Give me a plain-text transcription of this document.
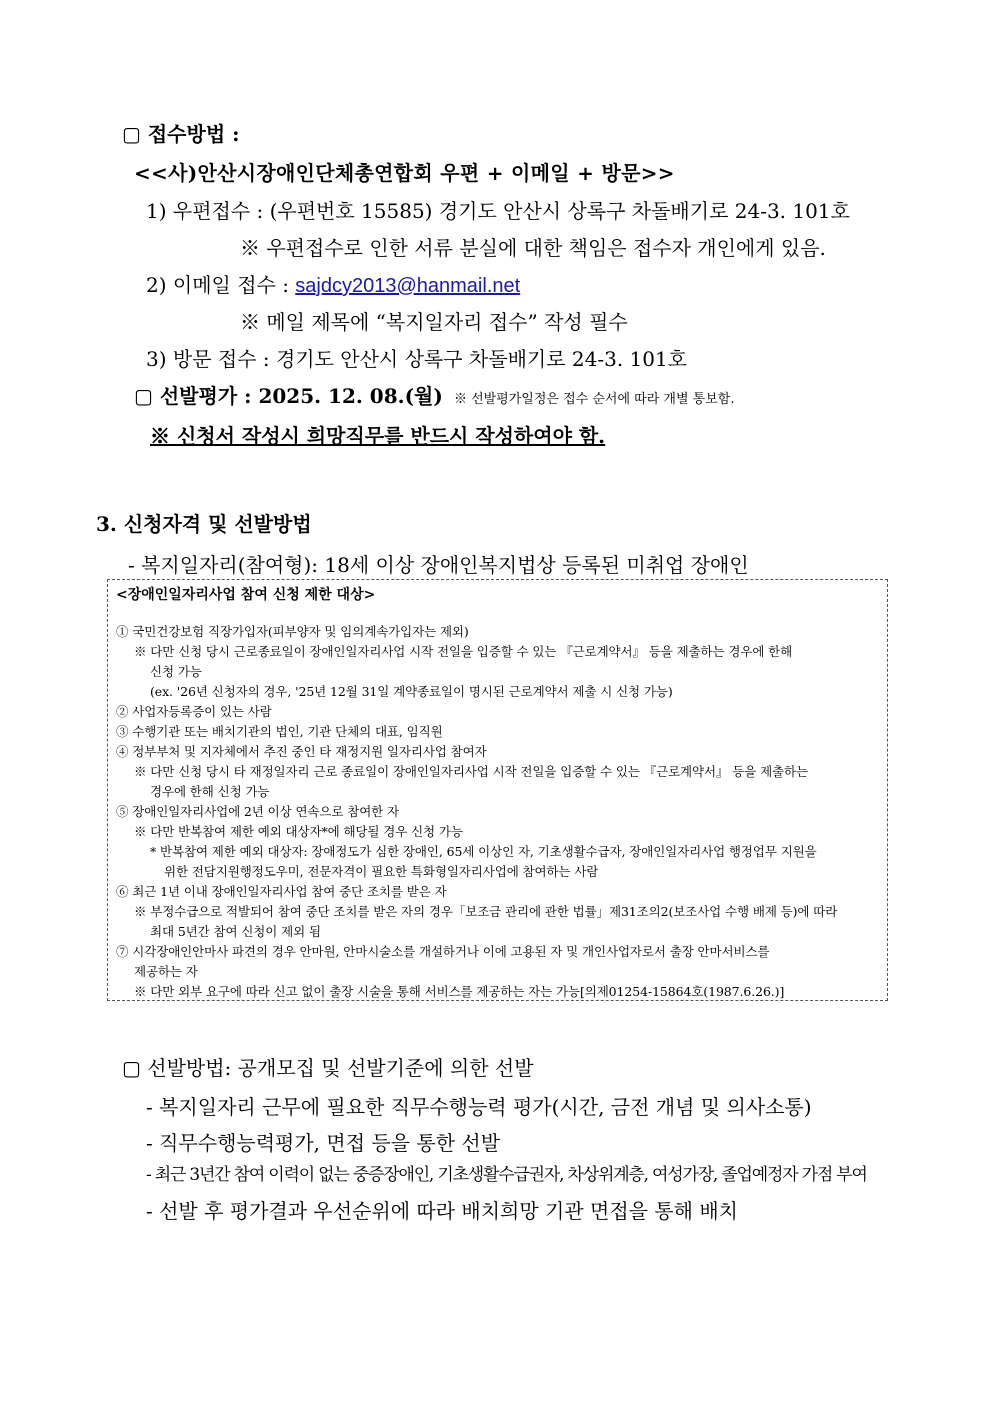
▢ 접수방법 :
<<사)안산시장애인단체총연합회 우편 + 이메일 + 방문>>
1) 우편접수 : (우편번호 15585) 경기도 안산시 상록구 차돌배기로 24-3. 101호
※ 우편접수로 인한 서류 분실에 대한 책임은 접수자 개인에게 있음.
2) 이메일 접수 : sajdcy2013@hanmail.net
※ 메일 제목에 “복지일자리 접수” 작성 필수
3) 방문 접수 : 경기도 안산시 상록구 차돌배기로 24-3. 101호
▢ 선발평가 : 2025. 12. 08.(월) ※ 선발평가일정은 접수 순서에 따라 개별 통보함.
※ 신청서 작성시 희망직무를 반드시 작성하여야 함.
3. 신청자격 및 선발방법
- 복지일자리(참여형): 18세 이상 장애인복지법상 등록된 미취업 장애인
<장애인일자리사업 참여 신청 제한 대상>
① 국민건강보험 직장가입자(피부양자 및 임의계속가입자는 제외)
※ 다만 신청 당시 근로종료일이 장애인일자리사업 시작 전일을 입증할 수 있는 『근로계약서』 등을 제출하는 경우에 한해
신청 가능
(ex. '26년 신청자의 경우, '25년 12월 31일 계약종료일이 명시된 근로계약서 제출 시 신청 가능)
② 사업자등록증이 있는 사람
③ 수행기관 또는 배치기관의 법인, 기관 단체의 대표, 임직원
④ 정부부처 및 지자체에서 추진 중인 타 재정지원 일자리사업 참여자
※ 다만 신청 당시 타 재정일자리 근로 종료일이 장애인일자리사업 시작 전일을 입증할 수 있는 『근로계약서』 등을 제출하는
경우에 한해 신청 가능
⑤ 장애인일자리사업에 2년 이상 연속으로 참여한 자
※ 다만 반복참여 제한 예외 대상자*에 해당될 경우 신청 가능
* 반복참여 제한 예외 대상자: 장애정도가 심한 장애인, 65세 이상인 자, 기초생활수급자, 장애인일자리사업 행정업무 지원을
위한 전담지원행정도우미, 전문자격이 필요한 특화형일자리사업에 참여하는 사람
⑥ 최근 1년 이내 장애인일자리사업 참여 중단 조치를 받은 자
※ 부정수급으로 적발되어 참여 중단 조치를 받은 자의 경우「보조금 관리에 관한 법률」제31조의2(보조사업 수행 배제 등)에 따라
최대 5년간 참여 신청이 제외 됨
⑦ 시각장애인안마사 파견의 경우 안마원, 안마시술소를 개설하거나 이에 고용된 자 및 개인사업자로서 출장 안마서비스를
제공하는 자
※ 다만 외부 요구에 따라 신고 없이 출장 시술을 통해 서비스를 제공하는 자는 가능[의제01254-15864호(1987.6.26.)]
▢ 선발방법: 공개모집 및 선발기준에 의한 선발
- 복지일자리 근무에 필요한 직무수행능력 평가(시간, 금전 개념 및 의사소통)
- 직무수행능력평가, 면접 등을 통한 선발
- 최근 3년간 참여 이력이 없는 중증장애인, 기초생활수급권자, 차상위계층, 여성가장, 졸업예정자 가점 부여
- 선발 후 평가결과 우선순위에 따라 배치희망 기관 면접을 통해 배치
